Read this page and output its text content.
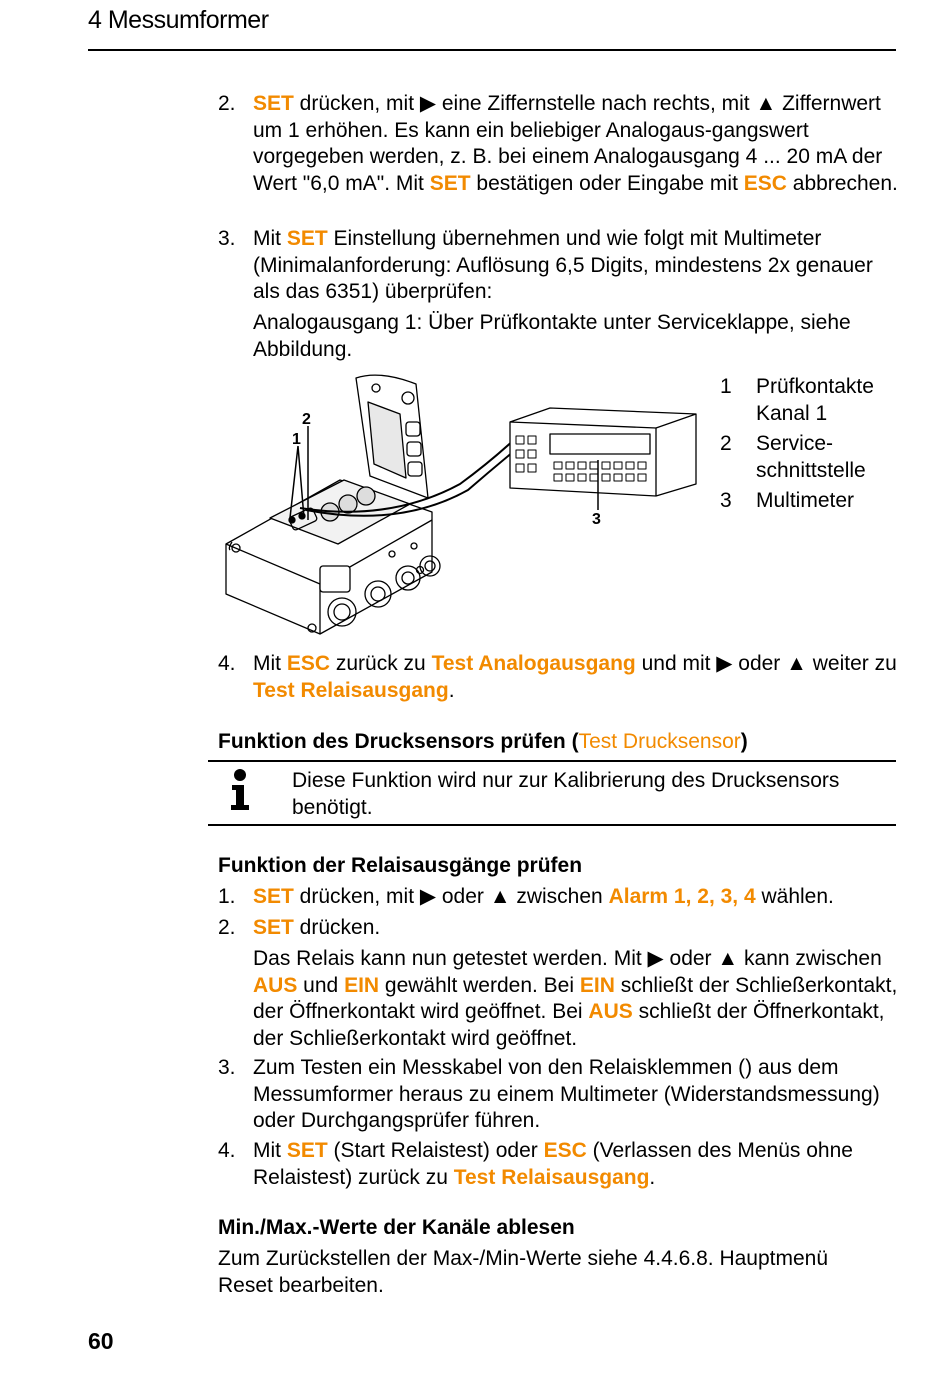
4 Messumformer
2. SET drücken, mit ▶ eine Ziffernstelle nach rechts, mit ▲ Ziffernwert um 1 erhöhen. Es kann ein beliebiger Analogaus-gangswert vorgegeben werden, z. B. bei einem Analogausgang 4 ... 20 mA der Wert "6,0 mA". Mit SET bestätigen oder Eingabe mit ESC abbrechen.
3. Mit SET Einstellung übernehmen und wie folgt mit Multimeter (Minimalanforderung: Auflösung 6,5 Digits, mindestens 2x genauer als das 6351) überprüfen:
Analogausgang 1: Über Prüfkontakte unter Serviceklappe, siehe Abbildung.
2
1
3
1 Prüfkontakte Kanal 1
2 Service-schnittstelle
3 Multimeter
4. Mit ESC zurück zu Test Analogausgang und mit ▶ oder ▲ weiter zu Test Relaisausgang.
Funktion des Drucksensors prüfen (Test Drucksensor)
Diese Funktion wird nur zur Kalibrierung des Drucksensors benötigt.
Funktion der Relaisausgänge prüfen
1. SET drücken, mit ▶ oder ▲ zwischen Alarm 1, 2, 3, 4 wählen.
2. SET drücken.
Das Relais kann nun getestet werden. Mit ▶ oder ▲ kann zwischen AUS und EIN gewählt werden. Bei EIN schließt der Schließerkontakt, der Öffnerkontakt wird geöffnet. Bei AUS schließt der Öffnerkontakt, der Schließerkontakt wird geöffnet.
3. Zum Testen ein Messkabel von den Relaisklemmen () aus dem Messumformer heraus zu einem Multimeter (Widerstandsmessung) oder Durchgangsprüfer führen.
4. Mit SET (Start Relaistest) oder ESC (Verlassen des Menüs ohne Relaistest) zurück zu Test Relaisausgang.
Min./Max.-Werte der Kanäle ablesen
Zum Zurückstellen der Max-/Min-Werte siehe 4.4.6.8. Hauptmenü Reset bearbeiten.
60
